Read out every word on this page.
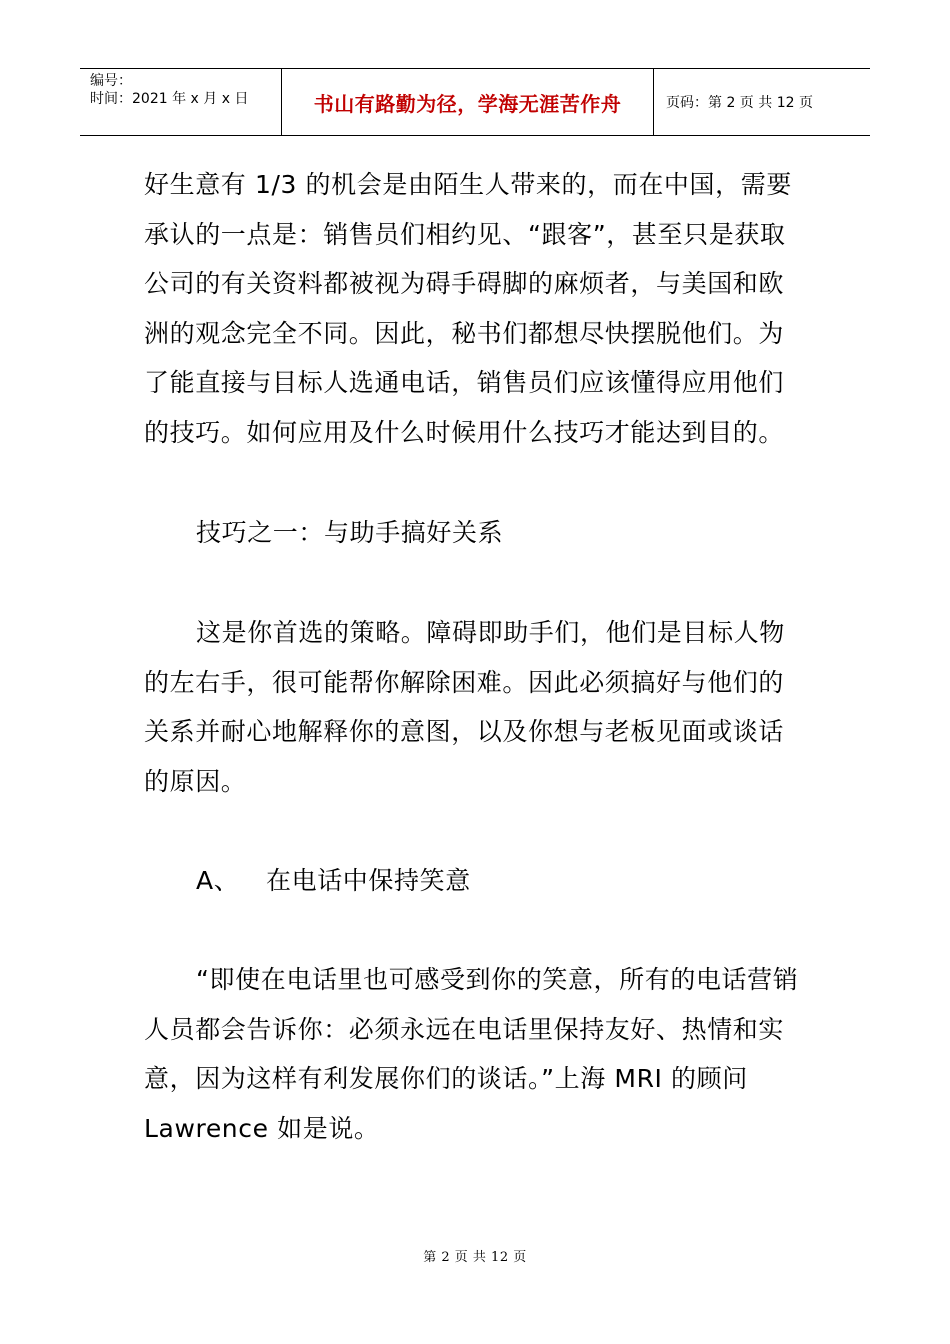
编号：
时间：2021 年 x 月 x 日	书山有路勤为径，学海无涯苦作舟	页码：第 2 页 共 12 页

好生意有 1/3 的机会是由陌生人带来的，而在中国，需要承认的一点是：销售员们相约见、“跟客”，甚至只是获取公司的有关资料都被视为碍手碍脚的麻烦者，与美国和欧洲的观念完全不同。因此，秘书们都想尽快摆脱他们。为了能直接与目标人选通电话，销售员们应该懂得应用他们的技巧。如何应用及什么时候用什么技巧才能达到目的。

技巧之一：与助手搞好关系

这是你首选的策略。障碍即助手们，他们是目标人物的左右手，很可能帮你解除困难。因此必须搞好与他们的关系并耐心地解释你的意图，以及你想与老板见面或谈话的原因。

A、 在电话中保持笑意

“即使在电话里也可感受到你的笑意，所有的电话营销人员都会告诉你：必须永远在电话里保持友好、热情和实意，因为这样有利发展你们的谈话。”上海 MRI 的顾问 Lawrence 如是说。

第 2 页 共 12 页
